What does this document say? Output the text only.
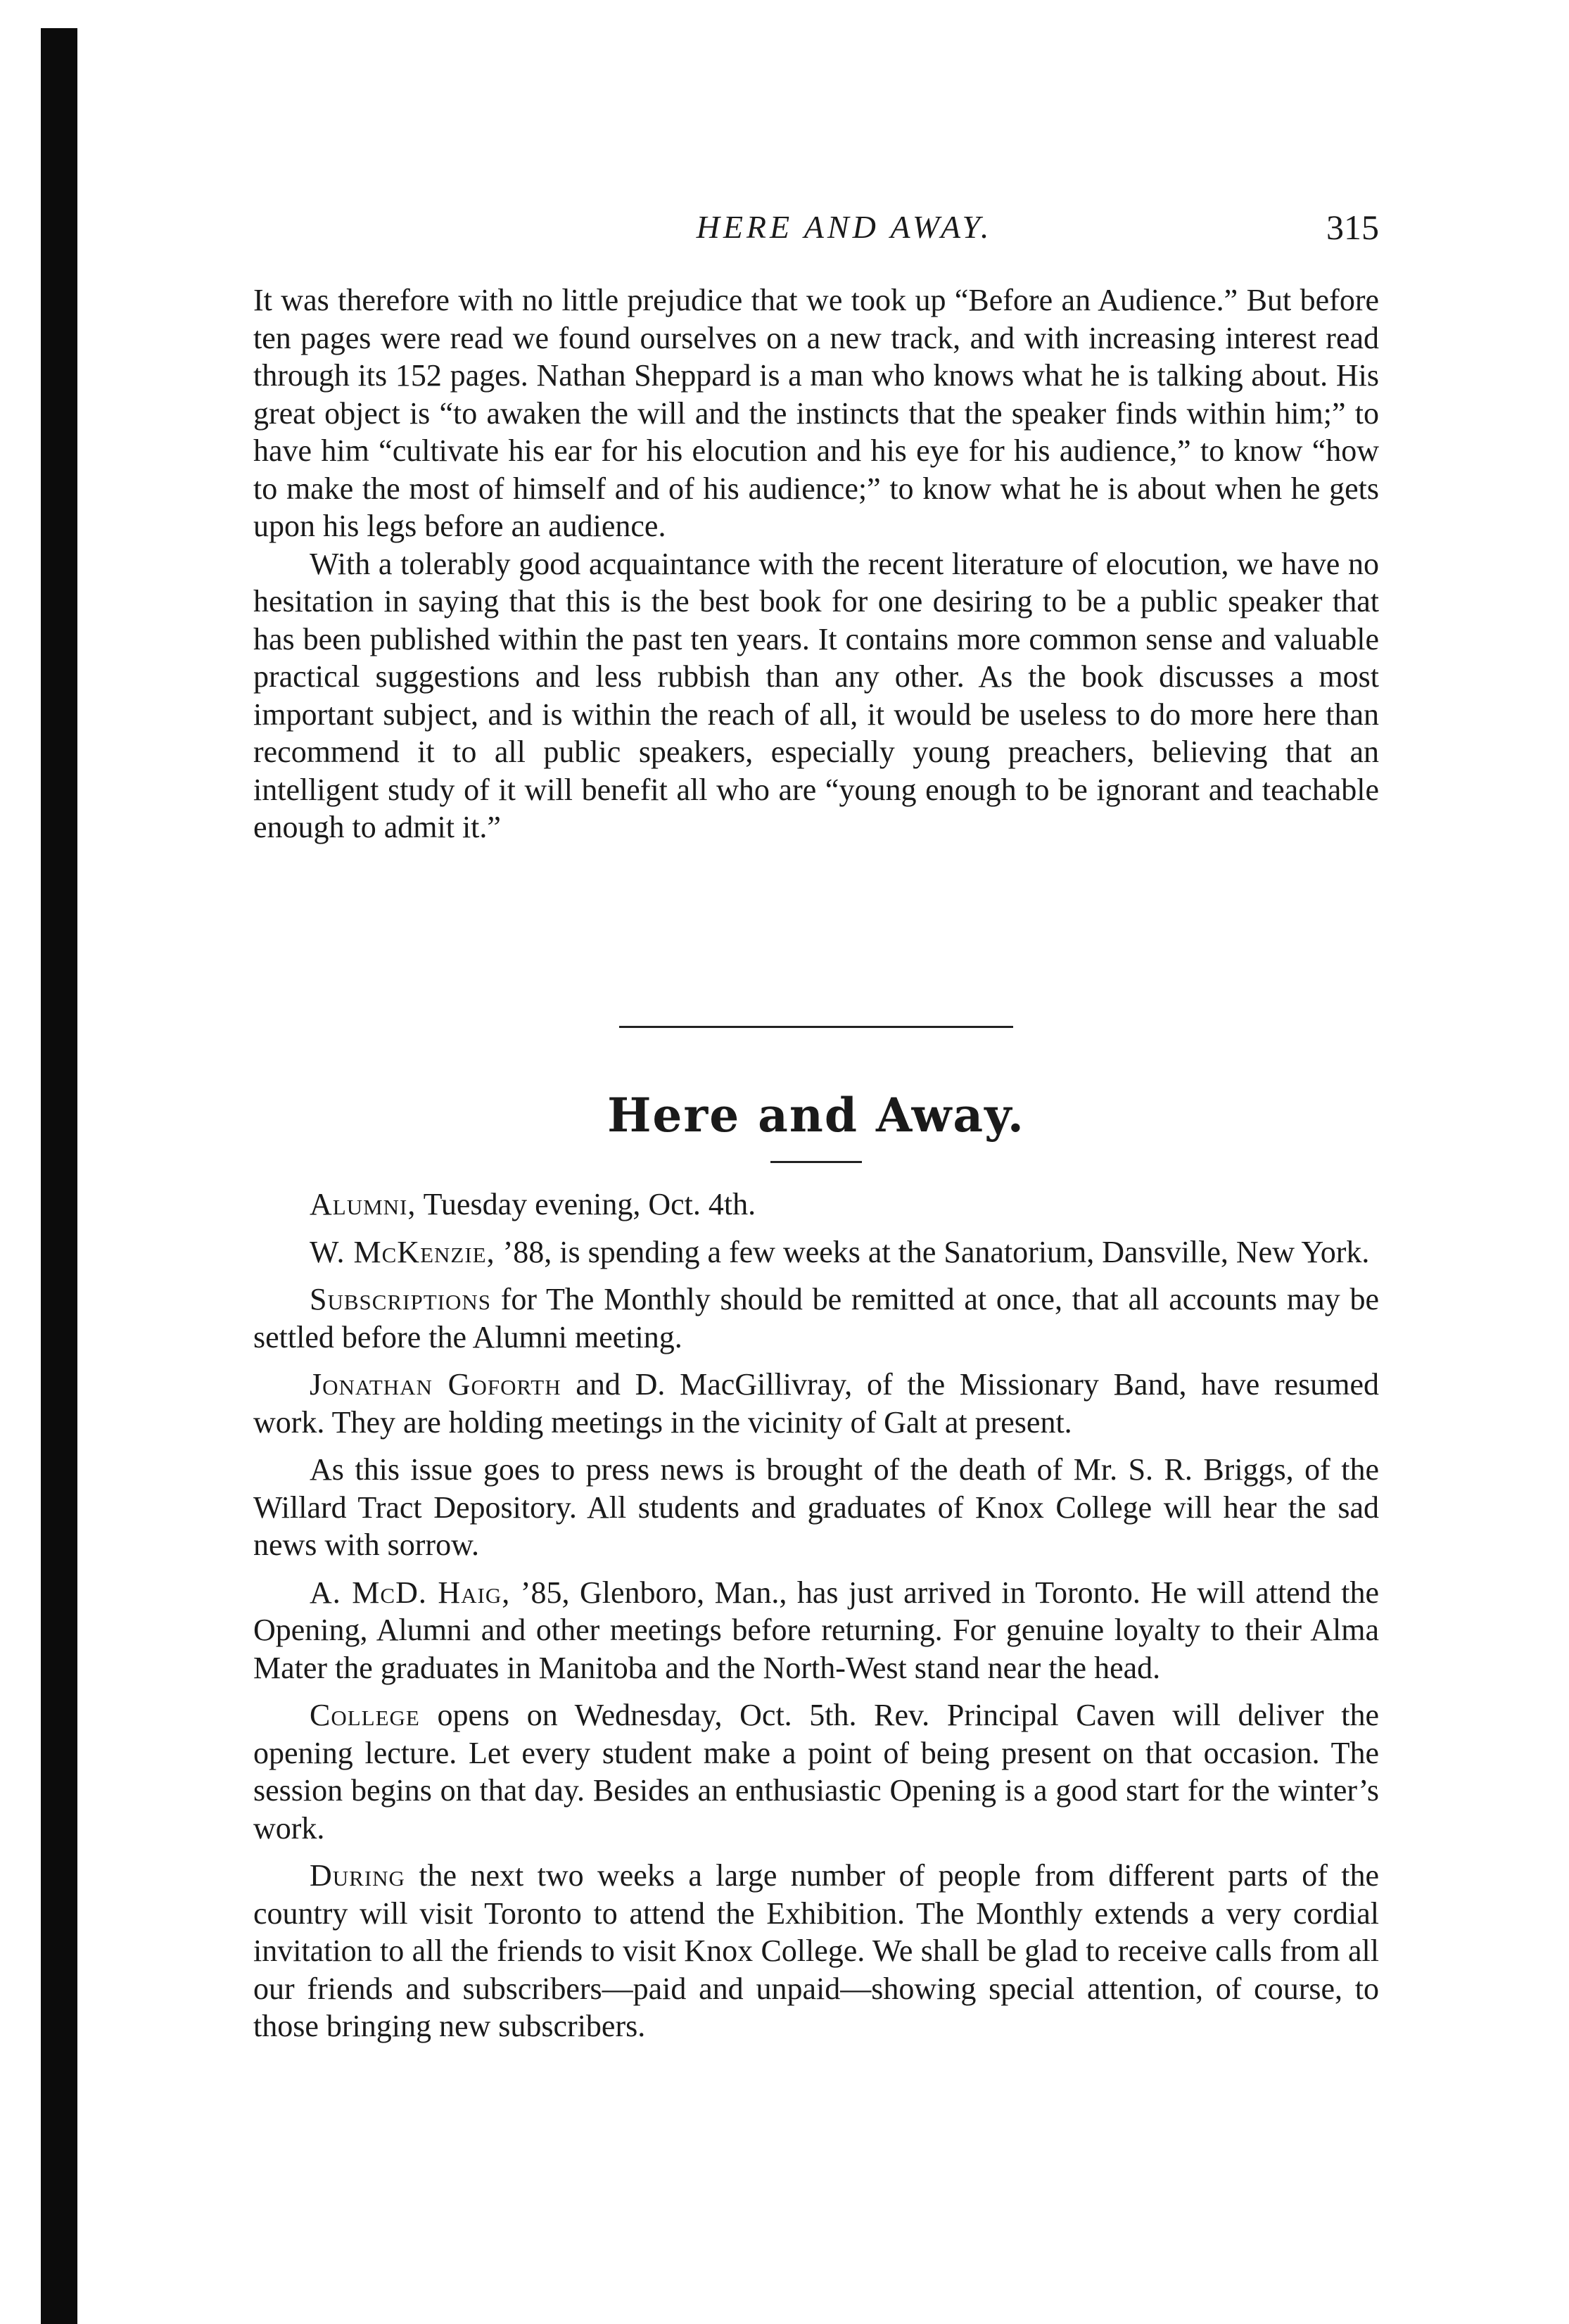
HERE AND AWAY.	315

It was therefore with no little prejudice that we took up “Before an Audience.” But before ten pages were read we found ourselves on a new track, and with increasing interest read through its 152 pages. Nathan Sheppard is a man who knows what he is talking about. His great object is “to awaken the will and the instincts that the speaker finds within him;” to have him “cultivate his ear for his elocution and his eye for his audience,” to know “how to make the most of himself and of his audience;” to know what he is about when he gets upon his legs before an audience.

With a tolerably good acquaintance with the recent literature of elocution, we have no hesitation in saying that this is the best book for one desiring to be a public speaker that has been published within the past ten years. It contains more common sense and valuable practical suggestions and less rubbish than any other. As the book discusses a most important subject, and is within the reach of all, it would be useless to do more here than recommend it to all public speakers, especially young preachers, believing that an intelligent study of it will benefit all who are “young enough to be ignorant and teachable enough to admit it.”

Here and Away.

Alumni, Tuesday evening, Oct. 4th.

W. McKenzie, ’88, is spending a few weeks at the Sanatorium, Dansville, New York.

Subscriptions for The Monthly should be remitted at once, that all accounts may be settled before the Alumni meeting.

Jonathan Goforth and D. MacGillivray, of the Missionary Band, have resumed work. They are holding meetings in the vicinity of Galt at present.

As this issue goes to press news is brought of the death of Mr. S. R. Briggs, of the Willard Tract Depository. All students and graduates of Knox College will hear the sad news with sorrow.

A. McD. Haig, ’85, Glenboro, Man., has just arrived in Toronto. He will attend the Opening, Alumni and other meetings before returning. For genuine loyalty to their Alma Mater the graduates in Manitoba and the North-West stand near the head.

College opens on Wednesday, Oct. 5th. Rev. Principal Caven will deliver the opening lecture. Let every student make a point of being present on that occasion. The session begins on that day. Besides an enthusiastic Opening is a good start for the winter’s work.

During the next two weeks a large number of people from different parts of the country will visit Toronto to attend the Exhibition. The Monthly extends a very cordial invitation to all the friends to visit Knox College. We shall be glad to receive calls from all our friends and subscribers—paid and unpaid—showing special attention, of course, to those bringing new subscribers.
